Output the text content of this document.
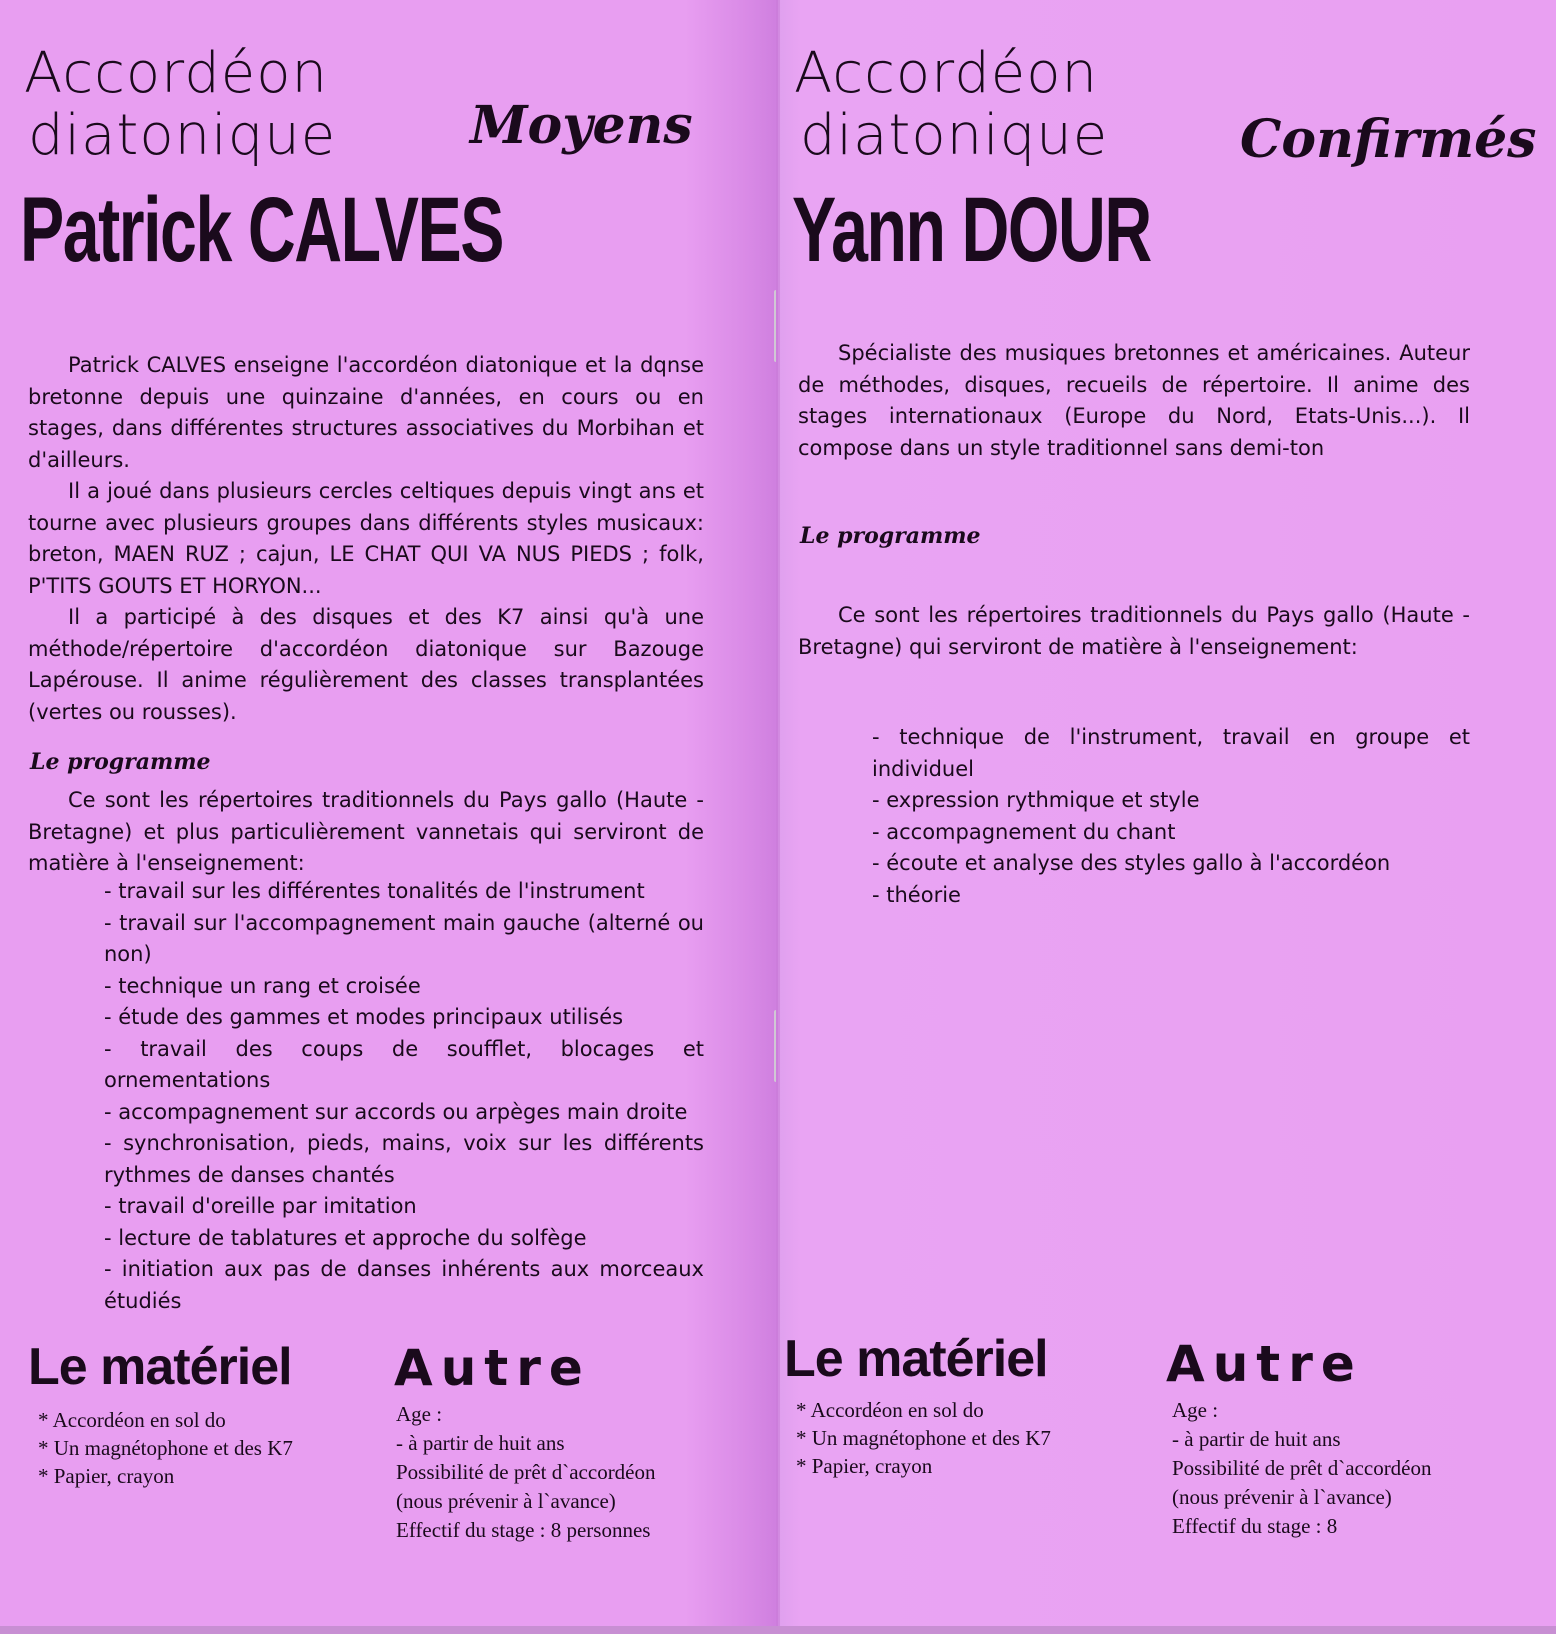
Accordéon
diatonique
Patrick CALVES
Moyens

Patrick CALVES enseigne l'accordéon diatonique et la dqnse bretonne depuis une quinzaine d'années, en cours ou en stages, dans différentes structures associatives du Morbihan et d'ailleurs.

Il a joué dans plusieurs cercles celtiques depuis vingt ans et tourne avec plusieurs groupes dans différents styles musicaux: breton, MAEN RUZ ; cajun, LE CHAT QUI VA NUS PIEDS ; folk, P'TITS GOUTS ET HORYON...

Il a participé à des disques et des K7 ainsi qu'à une méthode/répertoire d'accordéon diatonique sur Bazouge Lapérouse. Il anime régulièrement des classes transplantées (vertes ou rousses).

Le programme

Ce sont les répertoires traditionnels du Pays gallo (Haute - Bretagne) et plus particulièrement vannetais qui serviront de matière à l'enseignement:

- travail sur les différentes tonalités de l'instrument
- travail sur l'accompagnement main gauche (alterné ou non)
- technique un rang et croisée
- étude des gammes et modes principaux utilisés
- travail des coups de soufflet, blocages et ornementations
- accompagnement sur accords ou arpèges main droite
- synchronisation, pieds, mains, voix sur les différents rythmes de danses chantés
- travail d'oreille par imitation
- lecture de tablatures et approche du solfège
- initiation aux pas de danses inhérents aux morceaux étudiés
Le matériel
* Accordéon en sol do
* Un magnétophone et des K7
* Papier, crayon
Autre
Age :
- à partir de huit ans
Possibilité de prêt d`accordéon
(nous prévenir à l`avance)
Effectif du stage : 8 personnes
Accordéon
diatonique
Yann DOUR
Confirmés

Spécialiste des musiques bretonnes et américaines. Auteur de méthodes, disques, recueils de répertoire. Il anime des stages internationaux (Europe du Nord, Etats-Unis...). Il compose dans un style traditionnel sans demi-ton

Le programme

Ce sont les répertoires traditionnels du Pays gallo (Haute - Bretagne) qui serviront de matière à l'enseignement:

- technique de l'instrument, travail en groupe et individuel
- expression rythmique et style
- accompagnement du chant
- écoute et analyse des styles gallo à l'accordéon
- théorie
Le matériel
* Accordéon en sol do
* Un magnétophone et des K7
* Papier, crayon
Autre
Age :
- à partir de huit ans
Possibilité de prêt d`accordéon
(nous prévenir à l`avance)
Effectif du stage : 8
